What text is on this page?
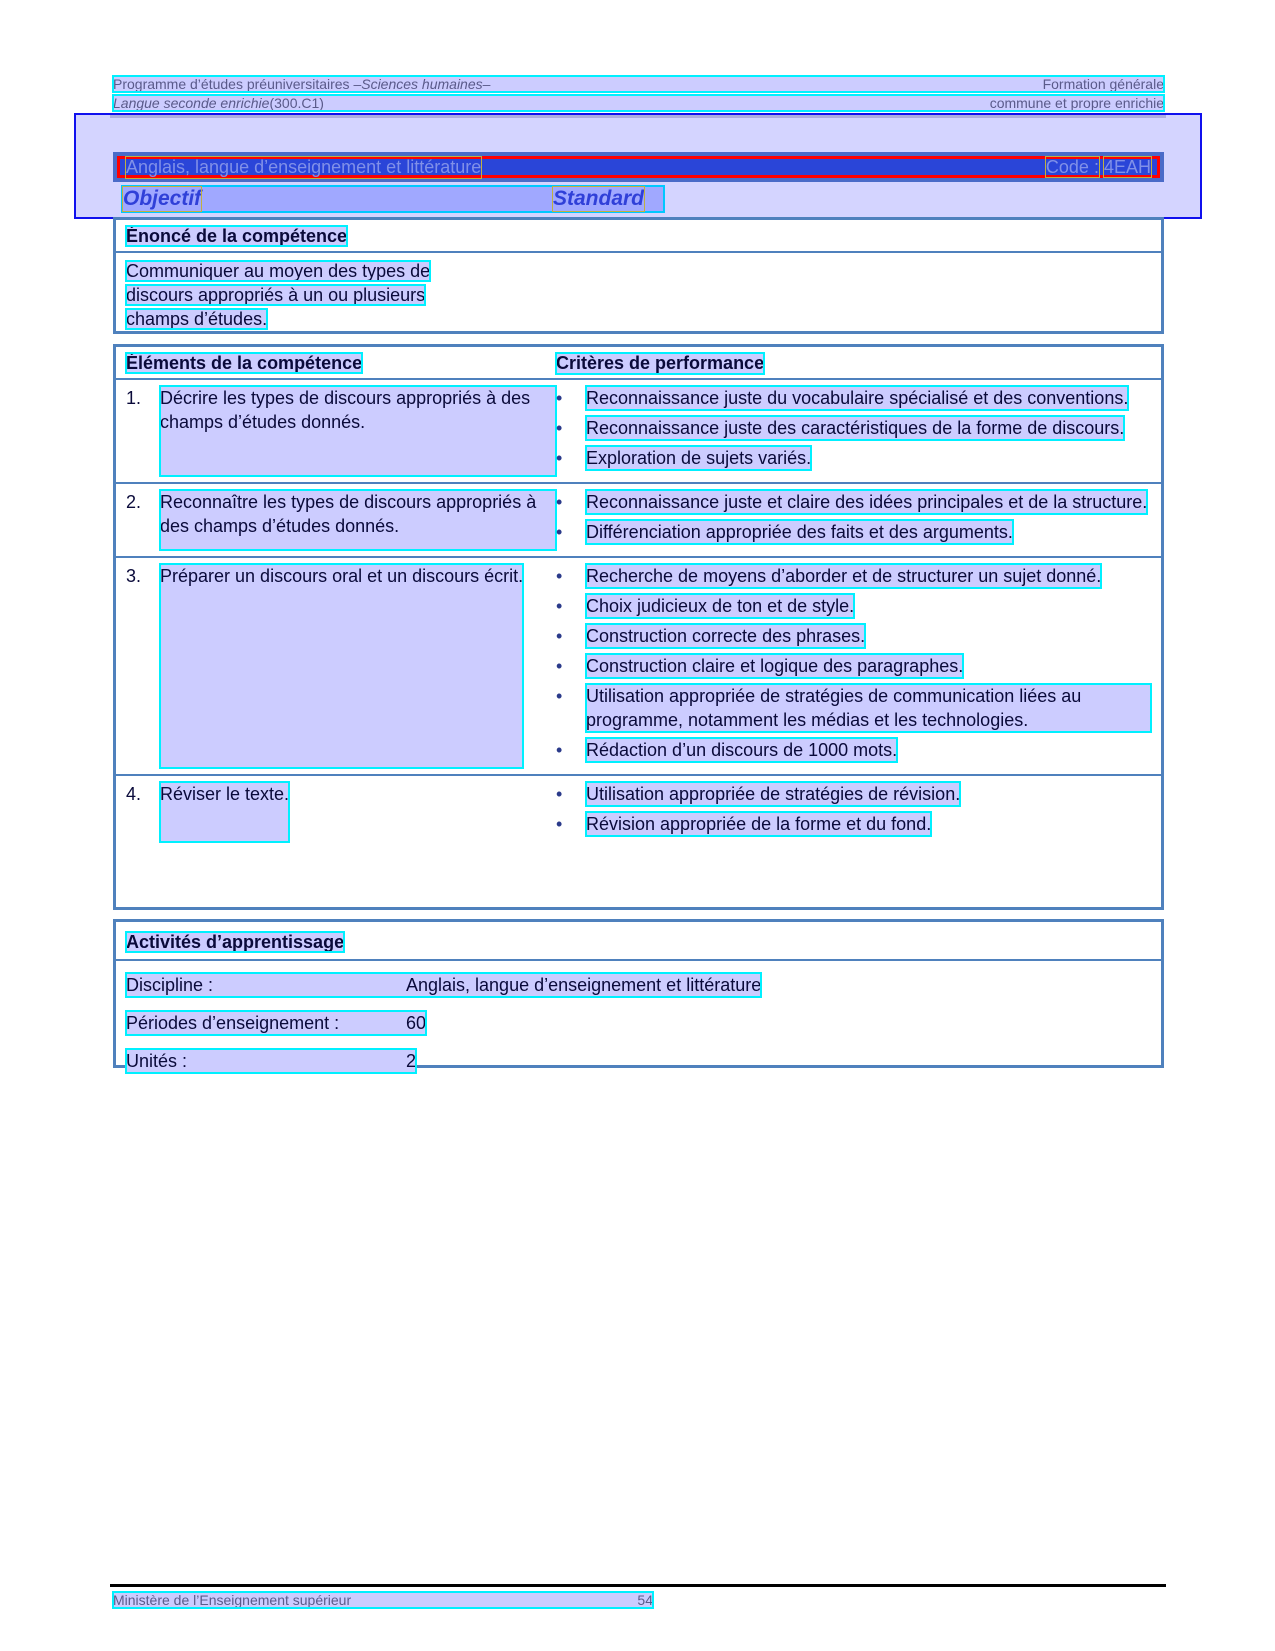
Programme d’études préuniversitaires –Sciences humaines–	Formation générale
Langue seconde enrichie(300.C1)	commune et propre enrichie
Anglais, langue d’enseignement et littérature	Code : 4EAH
Objectif	Standard
Énoncé de la compétence
Communiquer au moyen des types de
discours appropriés à un ou plusieurs
champs d’études.
Éléments de la compétence	Critères de performance
1.	Décrire les types de discours appropriés à des champs d’études donnés.
•	Reconnaissance juste du vocabulaire spécialisé et des conventions.
•	Reconnaissance juste des caractéristiques de la forme de discours.
•	Exploration de sujets variés.
2.	Reconnaître les types de discours appropriés à des champs d’études donnés.
•	Reconnaissance juste et claire des idées principales et de la structure.
•	Différenciation appropriée des faits et des arguments.
3.	Préparer un discours oral et un discours écrit. •	Recherche de moyens d’aborder et de structurer un sujet donné.
•	Choix judicieux de ton et de style.
•	Construction correcte des phrases.
•	Construction claire et logique des paragraphes.
•	Utilisation appropriée de stratégies de communication liées au programme, notamment les médias et les technologies.
•	Rédaction d’un discours de 1000 mots.
4.	Réviser le texte.	•	Utilisation appropriée de stratégies de révision.
•	Révision appropriée de la forme et du fond.
Activités d’apprentissage
Discipline :	Anglais, langue d’enseignement et littérature
Périodes d’enseignement :	60
Unités :	2
Ministère de l’Enseignement supérieur	54
